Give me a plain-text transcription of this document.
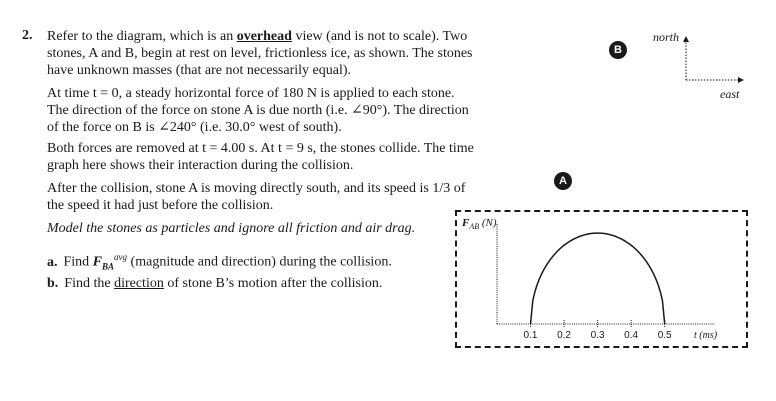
2. Refer to the diagram, which is an overhead view (and is not to scale). Two stones, A and B, begin at rest on level, frictionless ice, as shown. The stones have unknown masses (that are not necessarily equal).

At time t = 0, a steady horizontal force of 180 N is applied to each stone. The direction of the force on stone A is due north (i.e. ∠90°). The direction of the force on B is ∠240° (i.e. 30.0° west of south).

Both forces are removed at t = 4.00 s. At t = 9 s, the stones collide. The time graph here shows their interaction during the collision.

After the collision, stone A is moving directly south, and its speed is 1/3 of the speed it had just before the collision.

Model the stones as particles and ignore all friction and air drag.

a. Find $F_{BA}^{avg}$ (magnitude and direction) during the collision.
b. Find the direction of stone B’s motion after the collision.
B
A
north
east
$F_{AB}$ (N)
0.1 0.2 0.3 0.4 0.5 t (ms)
